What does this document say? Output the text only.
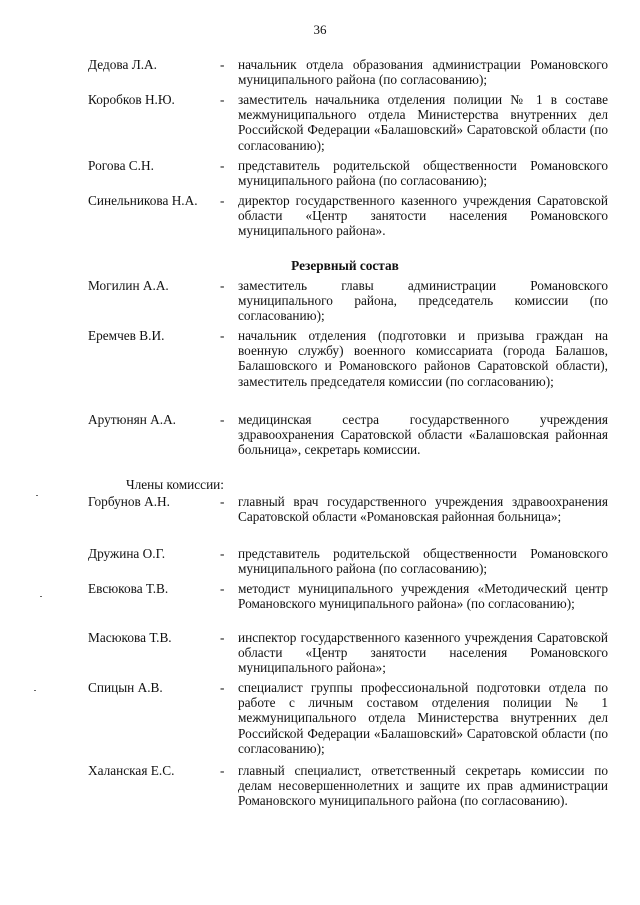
36
Дедова Л.А.	- начальник отдела образования администрации Романовского муниципального района (по согласованию);
Коробков Н.Ю.	- заместитель начальника отделения полиции № 1 в составе межмуниципального отдела Министерства внутренних дел Российской Федерации «Балашовский» Саратовской области (по согласованию);
Рогова С.Н.	- представитель родительской общественности Романовского муниципального района (по согласованию);
Синельникова Н.А. - директор государственного казенного учреждения Саратовской области «Центр занятости населения Романовского муниципального района».
Резервный состав
Могилин А.А.	- заместитель главы администрации Романовского муниципального района, председатель комиссии (по согласованию);
Еремчев В.И.	- начальник отделения (подготовки и призыва граждан на военную службу) военного комиссариата (города Балашов, Балашовского и Романовского районов Саратовской области), заместитель председателя комиссии (по согласованию);
Арутюнян А.А.	- медицинская сестра государственного учреждения здравоохранения Саратовской области «Балашовская районная больница», секретарь комиссии.
Члены комиссии:
Горбунов А.Н.	- главный врач государственного учреждения здравоохранения Саратовской области «Романовская районная больница»;
Дружина О.Г.	- представитель родительской общественности Романовского муниципального района (по согласованию);
Евсюкова Т.В.	- методист муниципального учреждения «Методический центр Романовского муниципального района» (по согласованию);
Масюкова Т.В.	- инспектор государственного казенного учреждения Саратовской области «Центр занятости населения Романовского муниципального района»;
Спицын А.В.	- специалист группы профессиональной подготовки отдела по работе с личным составом отделения полиции № 1 межмуниципального отдела Министерства внутренних дел Российской Федерации «Балашовский» Саратовской области (по согласованию);
Халанская Е.С.	- главный специалист, ответственный секретарь комиссии по делам несовершеннолетних и защите их прав администрации Романовского муниципального района (по согласованию).
